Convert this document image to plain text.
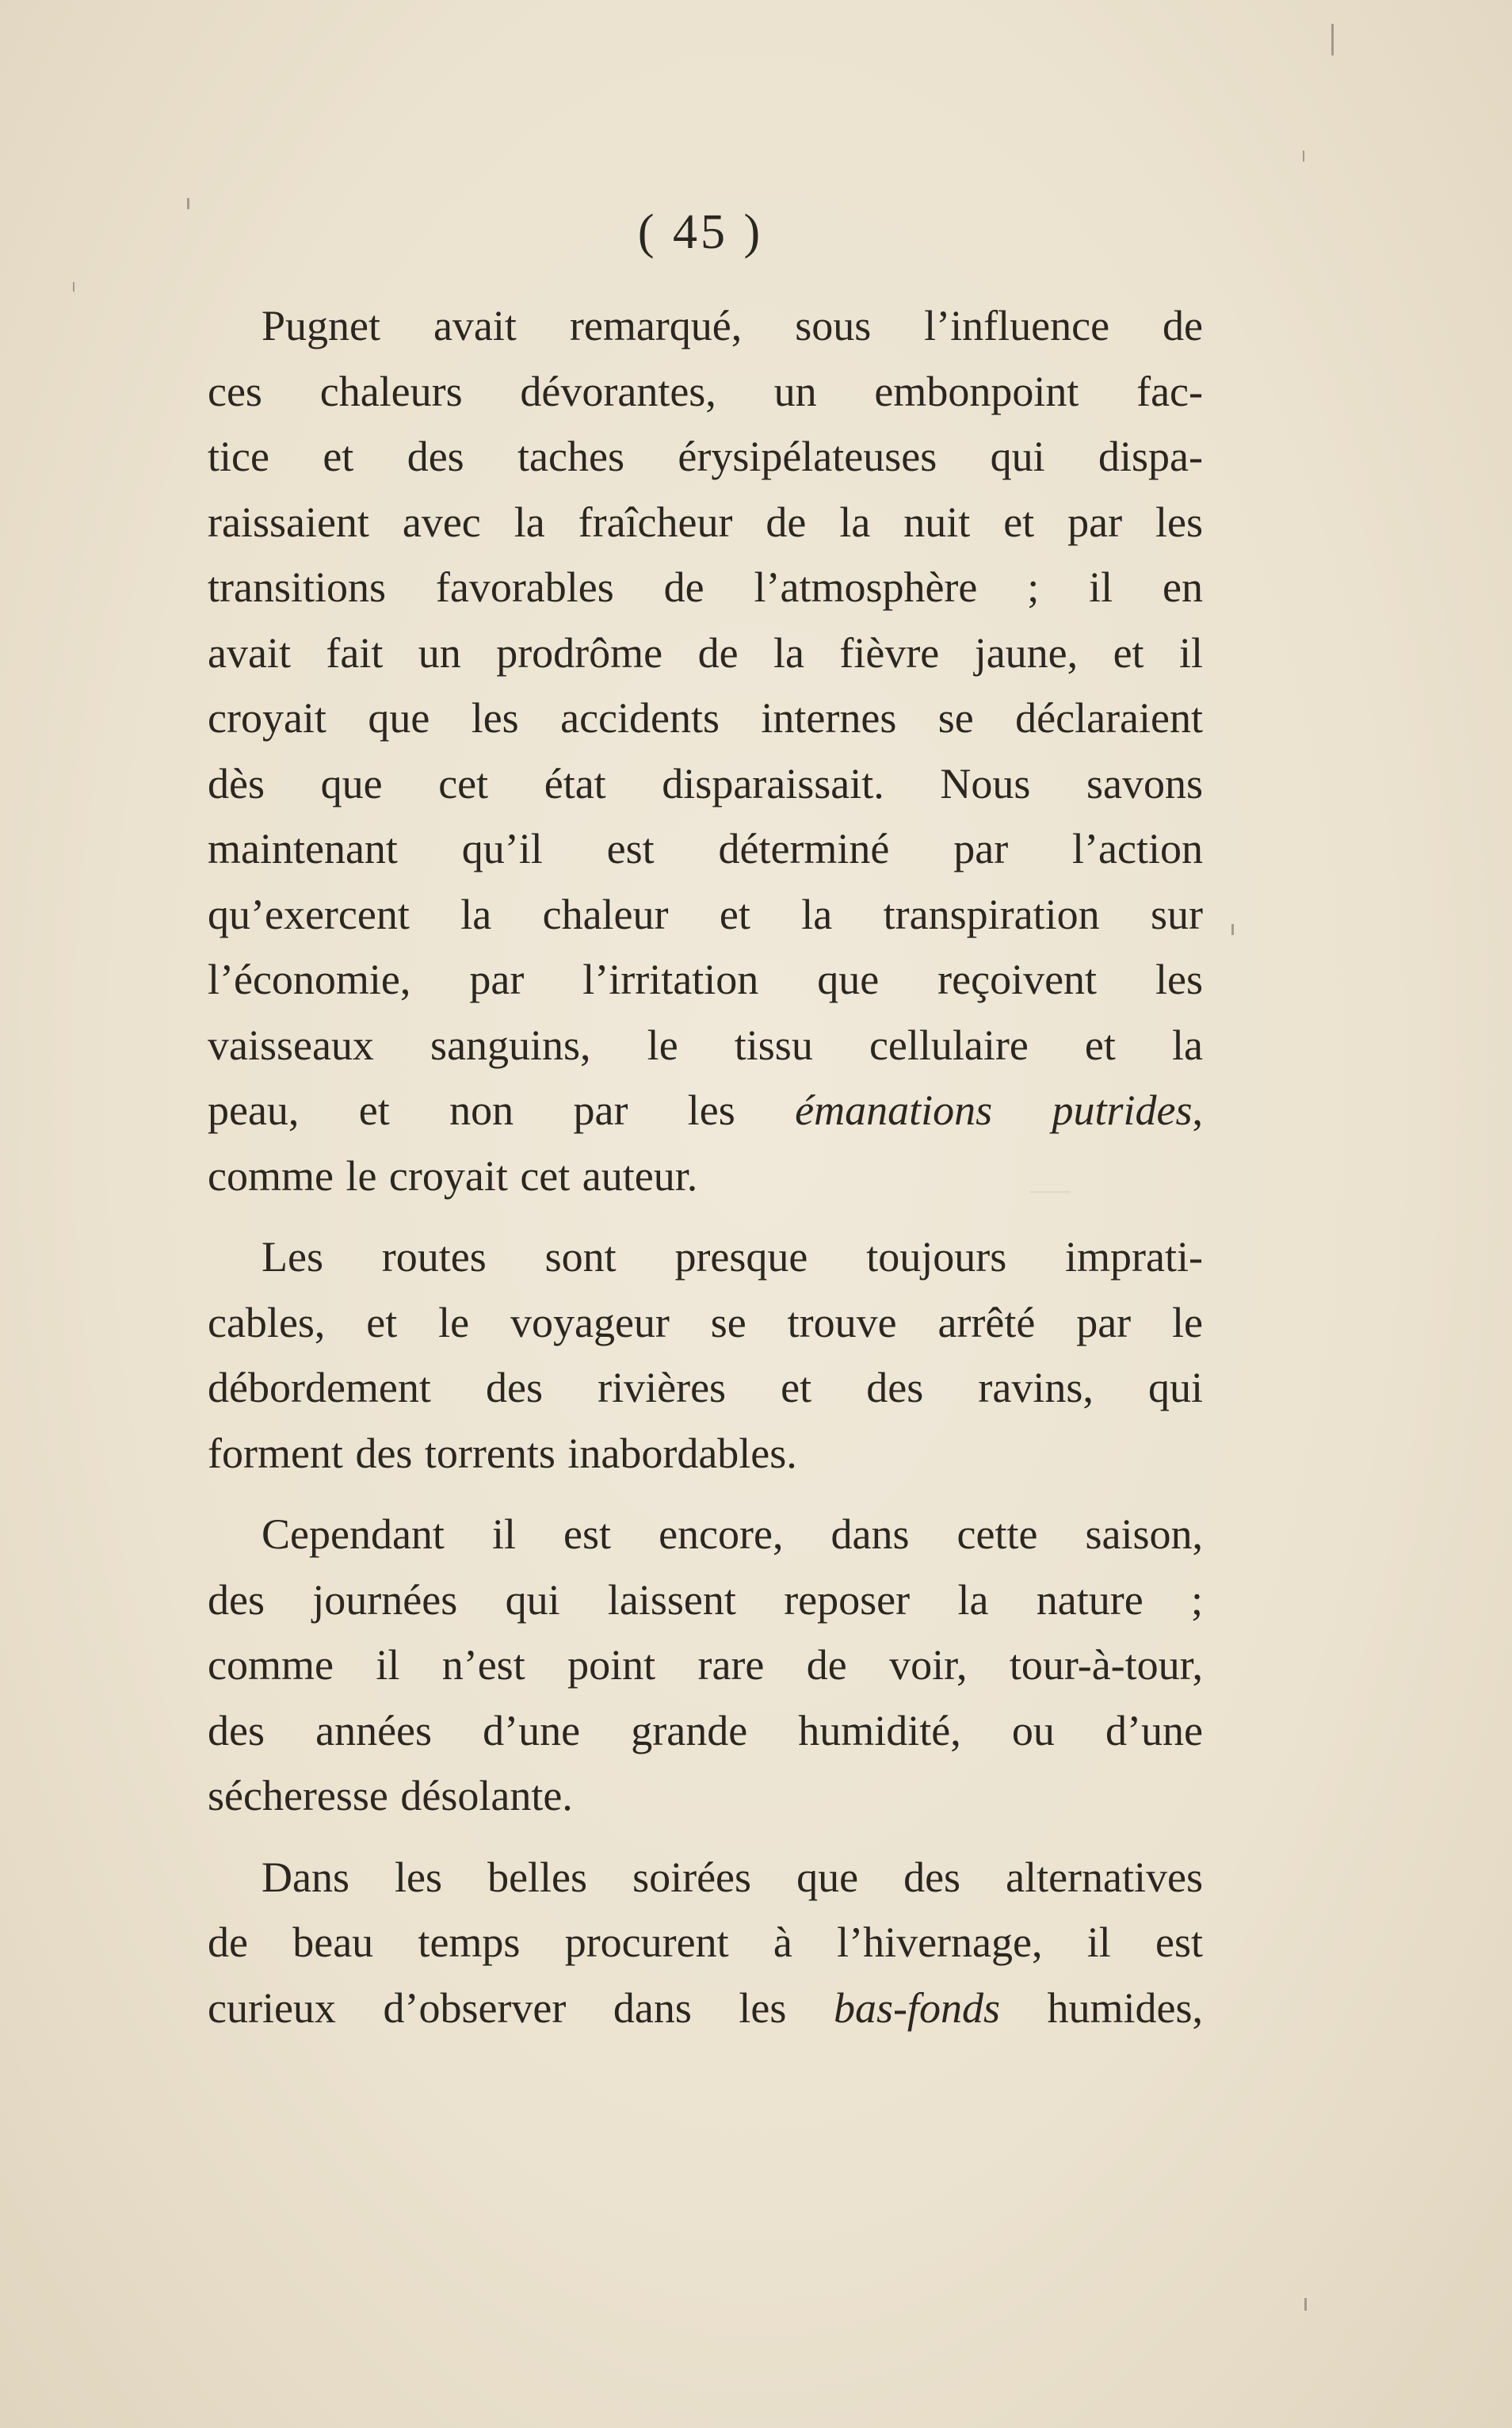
—
( 45 )

Pugnet avait remarqué, sous l’influence de
ces chaleurs dévorantes, un embonpoint fac-
tice et des taches érysipélateuses qui dispa-
raissaient avec la fraîcheur de la nuit et par les
transitions favorables de l’atmosphère ; il en
avait fait un prodrôme de la fièvre jaune, et il
croyait que les accidents internes se déclaraient
dès que cet état disparaissait. Nous savons
maintenant qu’il est déterminé par l’action
qu’exercent la chaleur et la transpiration sur
l’économie, par l’irritation que reçoivent les
vaisseaux sanguins, le tissu cellulaire et la
peau, et non par les émanations putrides,
comme le croyait cet auteur.

Les routes sont presque toujours imprati-
cables, et le voyageur se trouve arrêté par le
débordement des rivières et des ravins, qui
forment des torrents inabordables.

Cependant il est encore, dans cette saison,
des journées qui laissent reposer la nature ;
comme il n’est point rare de voir, tour-à-tour,
des années d’une grande humidité, ou d’une
sécheresse désolante.

Dans les belles soirées que des alternatives
de beau temps procurent à l’hivernage, il est
curieux d’observer dans les bas-fonds humides,
